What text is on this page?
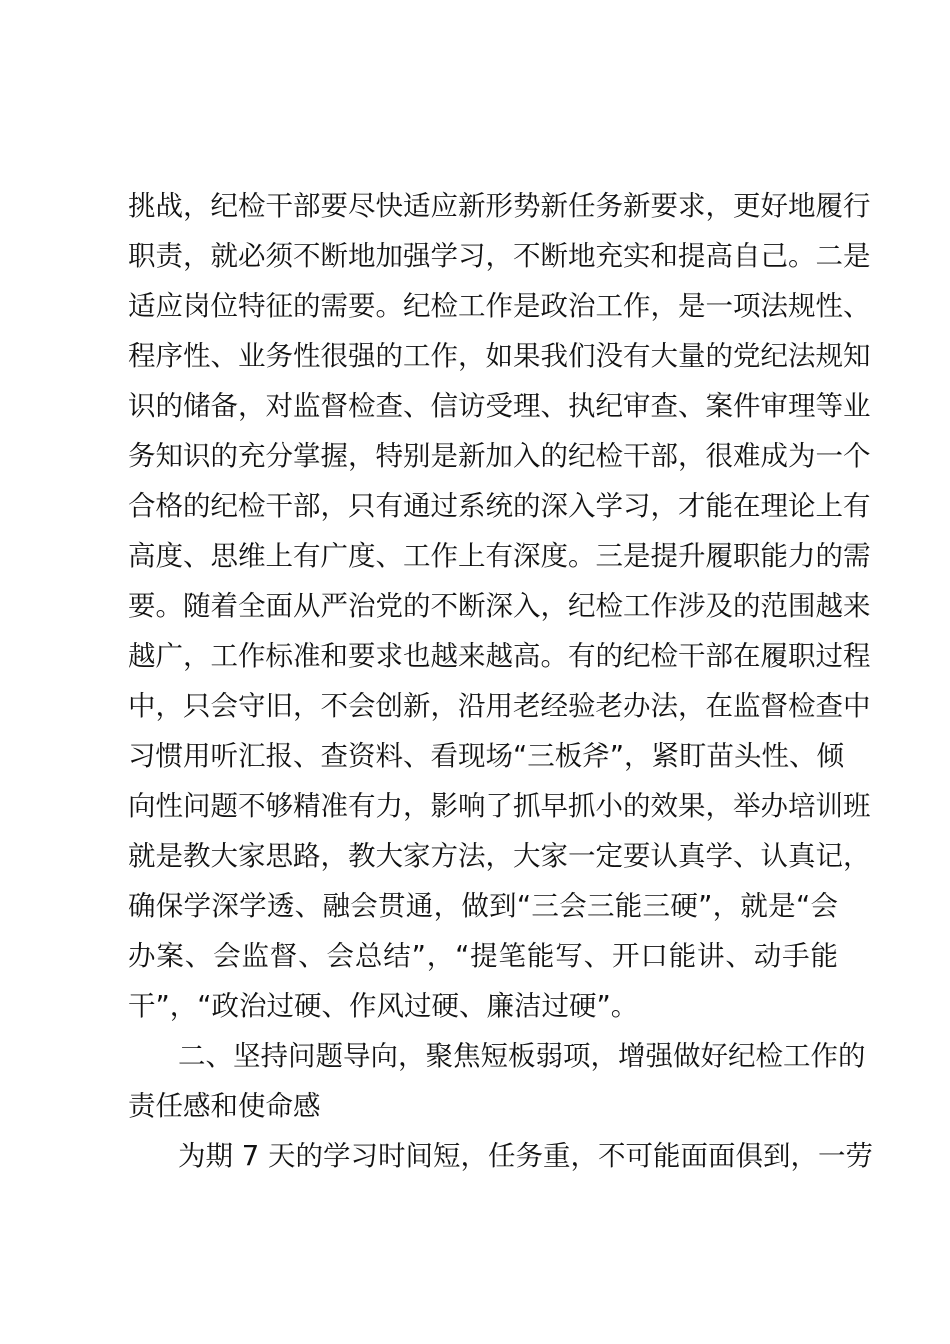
挑战，纪检干部要尽快适应新形势新任务新要求，更好地履行
职责，就必须不断地加强学习，不断地充实和提高自己。二是
适应岗位特征的需要。纪检工作是政治工作，是一项法规性、
程序性、业务性很强的工作，如果我们没有大量的党纪法规知
识的储备，对监督检查、信访受理、执纪审查、案件审理等业
务知识的充分掌握，特别是新加入的纪检干部，很难成为一个
合格的纪检干部，只有通过系统的深入学习，才能在理论上有
高度、思维上有广度、工作上有深度。三是提升履职能力的需
要。随着全面从严治党的不断深入，纪检工作涉及的范围越来
越广，工作标准和要求也越来越高。有的纪检干部在履职过程
中，只会守旧，不会创新，沿用老经验老办法，在监督检查中
习惯用听汇报、查资料、看现场“三板斧”，紧盯苗头性、倾
向性问题不够精准有力，影响了抓早抓小的效果，举办培训班
就是教大家思路，教大家方法，大家一定要认真学、认真记，
确保学深学透、融会贯通，做到“三会三能三硬”，就是“会
办案、会监督、会总结”，“提笔能写、开口能讲、动手能
干”，“政治过硬、作风过硬、廉洁过硬”。
二、坚持问题导向，聚焦短板弱项，增强做好纪检工作的
责任感和使命感
为期 7 天的学习时间短，任务重，不可能面面俱到，一劳
